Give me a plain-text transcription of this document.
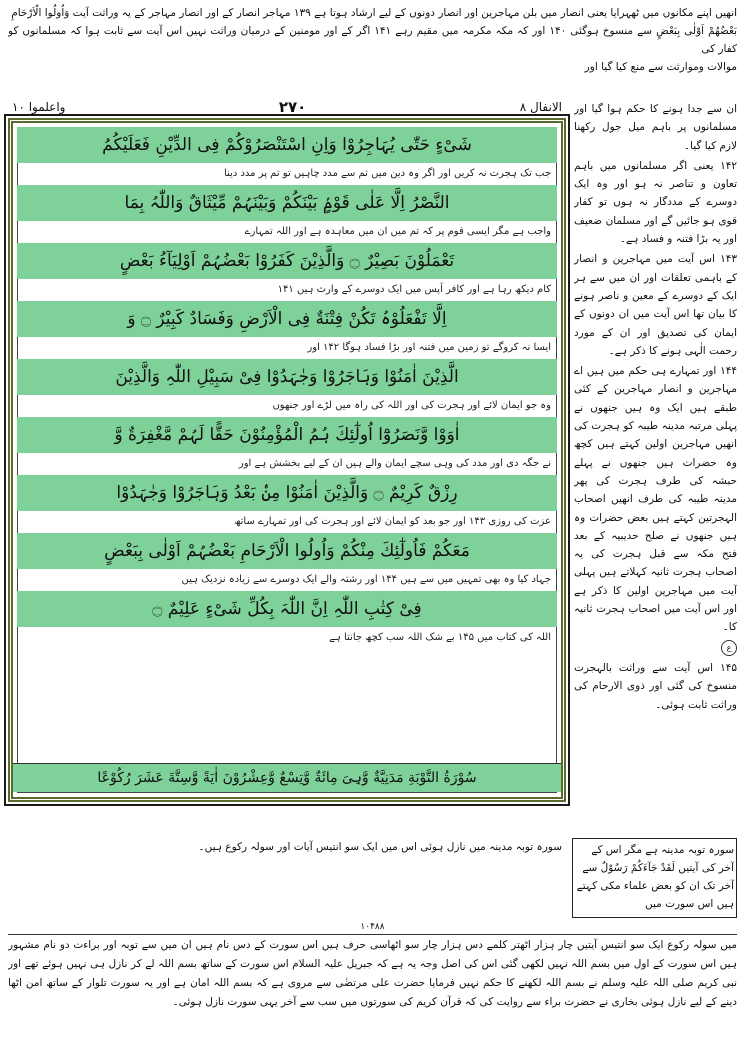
انھیں اپنے مکانوں میں ٹھہرایا یعنی انصار میں بلن مہاجرین اور انصار دونوں کے لیے ارشاد ہوتا ہے ۱۳۹ مہاجر انصار کے اور انصار مہاجر کے یہ وراثت آیت وَاُولُوا الْاَرْحَامِ

بَعْضُھُمْ اَوْلٰی بِبَعْضٍ سے منسوخ ہوگئی ۱۴۰ اور کہ مکہ مکرمہ میں مقیم رہے ۱۴۱ اگر کے اور مومنین کے درمیان وراثت نہیں اس آیت سے ثابت ہوا کہ مسلمانوں کو کفار کی

موالات وموارثت سے منع کیا گیا اور

الانفال ۸
۲۷۰
واعلموا ۱۰
شَیْءٍ حَتّٰی یُہَاجِرُوْا وَاِنِ اسْتَنْصَرُوْكُمْ فِی الدِّیْنِ فَعَلَیْكُمُ
جب تک ہجرت نہ کریں اور اگر وہ دین میں تم سے مدد چاہیں تو تم پر مدد دینا
النَّصْرُ اِلَّا عَلٰی قَوْمٍۢ بَیْنَكُمْ وَبَیْنَہُمْ مِّیْثَاقٌ وَاللّٰہُ بِمَا
واجب ہے مگر ایسی قوم پر کہ تم میں ان میں معاہدہ ہے اور اللہ تمہارے
تَعْمَلُوْنَ بَصِیْرٌ ۝ وَالَّذِیْنَ كَفَرُوْا بَعْضُہُمْ اَوْلِیَآءُ بَعْضٍ
کام دیکھ رہا ہے اور کافر آپس میں ایک دوسرے کے وارث ہیں ۱۴۱
اِلَّا تَفْعَلُوْہُ تَكُنْ فِتْنَةٌ فِی الْاَرْضِ وَفَسَادٌ كَبِیْرٌ ۝ وَ
ایسا نہ کروگے تو زمین میں فتنہ اور بڑا فساد ہوگا ۱۴۲ اور
الَّذِیْنَ اٰمَنُوْا وَہَاجَرُوْا وَجٰہَدُوْا فِیْ سَبِیْلِ اللّٰہِ وَالَّذِیْنَ
وہ جو ایمان لائے اور ہجرت کی اور اللہ کی راہ میں لڑے اور جنھوں
اٰوَوْا وَّنَصَرُوْٓا اُولٰٓئِكَ ہُمُ الْمُؤْمِنُوْنَ حَقًّا لَہُمْ مَّغْفِرَةٌ وَّ
نے جگہ دی اور مدد کی وہی سچے ایمان والے ہیں ان کے لیے بخشش ہے اور
رِزْقٌ كَرِیْمٌ ۝ وَالَّذِیْنَ اٰمَنُوْا مِنْۢ بَعْدُ وَہَاجَرُوْا وَجٰہَدُوْا
عزت کی روزی ۱۴۳ اور جو بعد کو ایمان لائے اور ہجرت کی اور تمہارے ساتھ
مَعَكُمْ فَاُولٰٓئِكَ مِنْكُمْ وَاُولُوا الْاَرْحَامِ بَعْضُہُمْ اَوْلٰی بِبَعْضٍ
جہاد کیا وہ بھی تمہیں میں سے ہیں ۱۴۴ اور رشتہ والے ایک دوسرے سے زیادہ نزدیک ہیں
فِیْ كِتٰبِ اللّٰہِ اِنَّ اللّٰہَ بِكُلِّ شَیْءٍ عَلِیْمٌ ۝
اللہ کی کتاب میں ۱۴۵ بے شک اللہ سب کچھ جانتا ہے
سُوْرَةُ التَّوْبَةِ مَدَنِیَّةٌ وَّہِیَ مِائَةٌ وَّتِسْعٌ وَّعِشْرُوْنَ اٰیَةً وَّسِتَّةَ عَشَرَ رُكُوْعًا

ان سے جدا ہونے کا حکم ہوا گیا اور مسلمانوں پر باہم میل جول رکھنا لازم کیا گیا۔

۱۴۲ یعنی اگر مسلمانوں میں باہم تعاون و تناصر نہ ہو اور وہ ایک دوسرے کے مددگار نہ ہوں تو کفار قوی ہو جائیں گے اور مسلمان ضعیف اور یہ بڑا فتنہ و فساد ہے۔

۱۴۳ اس آیت میں مہاجرین و انصار کے باہمی تعلقات اور ان میں سے ہر ایک کے دوسرے کے معین و ناصر ہونے کا بیان تھا اس آیت میں ان دونوں کے ایمان کی تصدیق اور ان کے مورد رحمت الٰہی ہونے کا ذکر ہے۔

۱۴۴ اور تمہارے ہی حکم میں ہیں اے مہاجرین و انصار مہاجرین کے کئی طبقے ہیں ایک وہ ہیں جنھوں نے پہلی مرتبہ مدینہ طیبہ کو ہجرت کی انھیں مہاجرین اولین کہتے ہیں کچھ وہ حضرات ہیں جنھوں نے پہلے حبشہ کی طرف ہجرت کی پھر مدینہ طیبہ کی طرف انھیں اصحاب الہجرتین کہتے ہیں بعض حضرات وہ ہیں جنھوں نے صلح حدیبیہ کے بعد فتح مکہ سے قبل ہجرت کی یہ اصحاب ہجرت ثانیہ کہلاتے ہیں پہلی آیت میں مہاجرین اولین کا ذکر ہے اور اس آیت میں اصحاب ہجرت ثانیہ کا۔

ع

۱۴۵ اس آیت سے وراثت بالہجرت منسوخ کی گئی اور ذوی الارحام کی وراثت ثابت ہوئی۔

سورہ توبہ مدینہ میں نازل ہوئی اس میں ایک سو انتیس آیات اور سولہ رکوع ہیں۔	سورہ توبہ مدینہ ہے مگر اس کے آخر کی آیتیں لَقَدْ جَآءَكُمْ رَسُوْلٌ سے آخر تک ان کو بعض علماء مکی کہتے ہیں اس سورت میں
۱۰۴۸۸
میں سولہ رکوع ایک سو انتیس آیتیں چار ہزار اٹھتر کلمے دس ہزار چار سو اٹھاسی حرف ہیں اس سورت کے دس نام ہیں ان میں سے توبہ اور براءت دو نام مشہور ہیں اس سورت کے اول میں بسم اللہ نہیں لکھی گئی اس کی اصل وجہ یہ ہے کہ جبریل علیہ السلام اس سورت کے ساتھ بسم اللہ لے کر نازل ہی نہیں ہوئے تھے اور نبی کریم صلی اللہ علیہ وسلم نے بسم اللہ لکھنے کا حکم نہیں فرمایا حضرت علی مرتضٰی سے مروی ہے کہ بسم اللہ امان ہے اور یہ سورت تلوار کے ساتھ امن اٹھا دینے کے لیے نازل ہوئی بخاری نے حضرت براء سے روایت کی کہ قرآن کریم کی سورتوں میں سب سے آخر یہی سورت نازل ہوئی۔
